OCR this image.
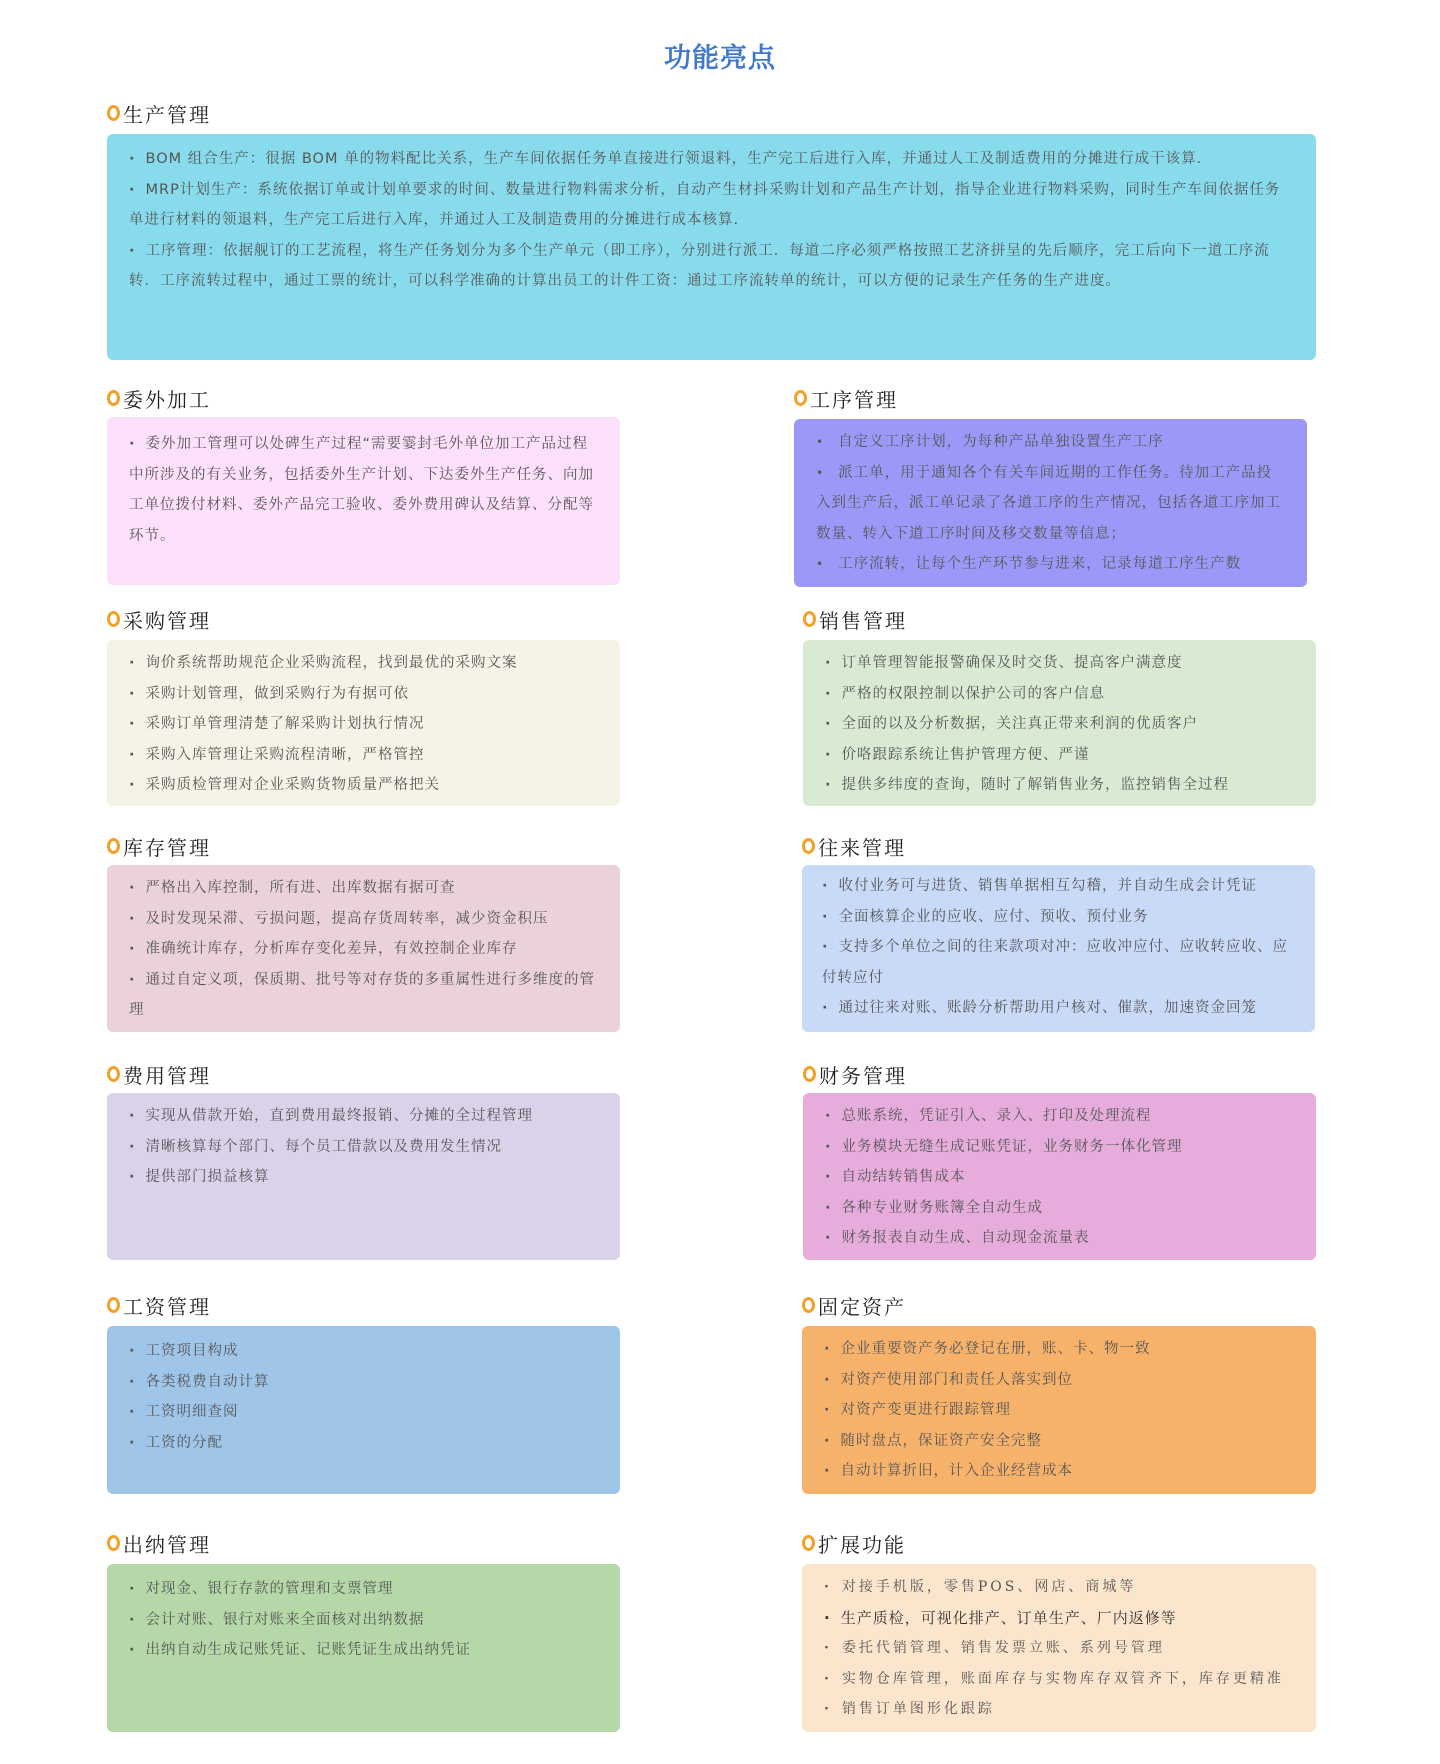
功能亮点
生产管理
· BOM 组合生产：很据 BOM 单的物料配比关系，生产车间依据任务单直接进行领退料，生产完工后进行入库，并通过人工及制适费用的分摊进行成干该算.
· MRP计划生产：系统依据订单或计划单要求的时间、数量进行物料需求分析，自动产生材抖采购计划和产品生产计划，指导企业进行物料采购，同时生产车间依据任务单进行材料的领退料，生产完工后进行入库，并通过人工及制造费用的分摊进行成本核算.
· 工序管理：依据舰订的工艺流程，将生产任务划分为多个生产单元（即工序），分别进行派工．每道二序必须严格按照工艺济拼呈的先后顺序，完工后向下一道工序流转．工序流转过程中，通过工票的统计，可以科学准确的计算出员工的计件工资：通过工序流转单的统计，可以方便的记录生产任务的生产进度。
委外加工
· 委外加工管理可以处碑生产过程“需要霎封毛外单位加工产品过程中所涉及的有关业务，包括委外生产计划、下达委外生产任务、向加工单位拨付材料、委外产品完工验收、委外费用碑认及结算、分配等环节。
工序管理
• 自定义工序计划，为每种产品单独设置生产工序
• 派工单，用于通知各个有关车间近期的工作任务。待加工产品投入到生产后，派工单记录了各道工序的生产情况，包括各道工序加工数量、转入下道工序时间及移交数量等信息；
• 工序流转，让每个生产环节参与进来，记录每道工序生产数
采购管理
· 询价系统帮助规范企业采购流程，找到最优的采购文案
· 采购计划管理，做到采购行为有据可依
· 采购订单管理清楚了解采购计划执行情况
· 采购入库管理让采购流程清晰，严格管控
· 采购质检管理对企业采购货物质量严格把关
销售管理
· 订单管理智能报警确保及时交货、提高客户满意度
· 严格的权限控制以保护公司的客户信息
· 全面的以及分析数据，关注真正带来利润的优质客户
· 价咯跟踪系统让售护管理方便、严谨
· 提供多纬度的查询，随时了解销售业务，监控销售全过程
库存管理
· 严格出入库控制，所有进、出库数据有据可查
· 及时发现呆滞、亏损问题，提高存货周转率，减少资金积压
· 准确统计库存，分析库存变化差异，有效控制企业库存
· 通过自定义项，保质期、批号等对存货的多重属性进行多维度的管理
往来管理
· 收付业务可与进货、销售单据相互勾稽，并自动生成会计凭证
· 全面核算企业的应收、应付、预收、预付业务
· 支持多个单位之间的往来款项对冲：应收冲应付、应收转应收、应付转应付
· 通过往来对账、账龄分析帮助用户核对、催款，加速资金回笼
费用管理
· 实现从借款开始，直到费用最终报销、分摊的全过程管理
· 清晰核算每个部门、每个员工借款以及费用发生情况
· 提供部门损益核算
财务管理
· 总账系统，凭证引入、录入、打印及处理流程
· 业务模块无缝生成记账凭证，业务财务一体化管理
· 自动结转销售成本
· 各种专业财务账簿全自动生成
· 财务报表自动生成、自动现金流量表
工资管理
· 工资项目构成
· 各类税费自动计算
· 工资明细查阅
· 工资的分配
固定资产
· 企业重要资产务必登记在册，账、卡、物一致
· 对资产使用部门和责任人落实到位
· 对资产变更进行跟踪管理
· 随时盘点，保证资产安全完整
· 自动计算折旧，计入企业经营成本
出纳管理
· 对现金、银行存款的管理和支票管理
· 会计对账、银行对账来全面核对出纳数据
· 出纳自动生成记账凭证、记账凭证生成出纳凭证
扩展功能
· 对接手机版，零售POS、网店、商城等
· 生产质检，可视化排产、订单生产、厂内返修等
· 委托代销管理、销售发票立账、系列号管理
· 实物仓库管理，账面库存与实物库存双管齐下，库存更精准
· 销售订单图形化跟踪
